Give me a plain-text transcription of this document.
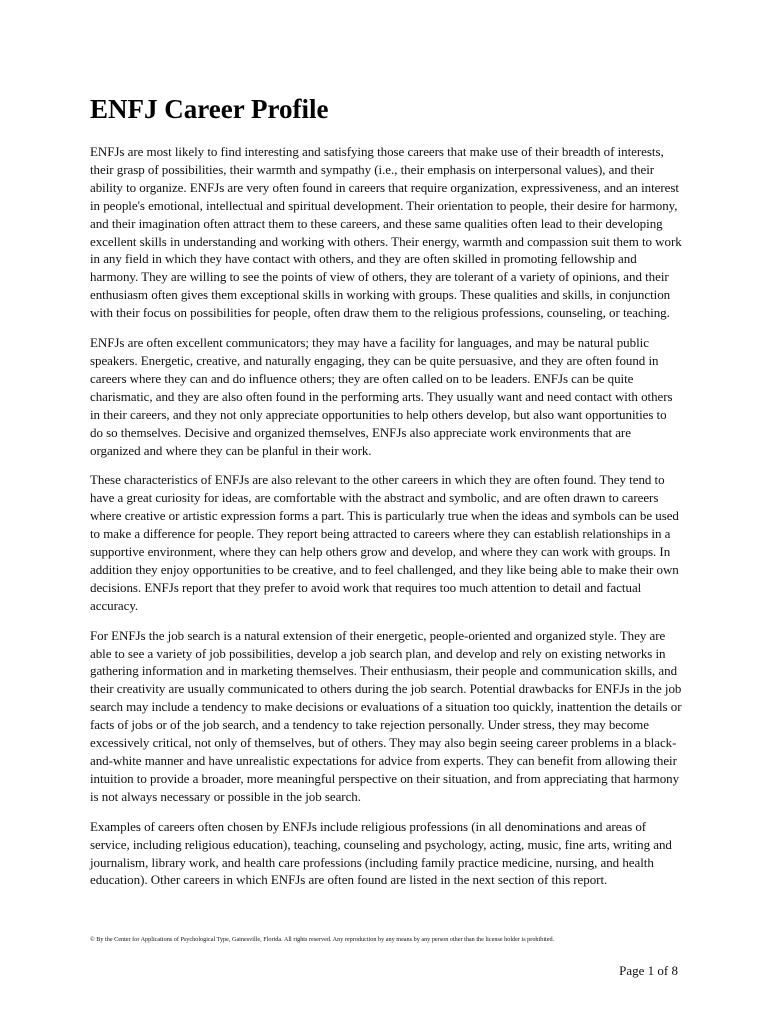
ENFJ Career Profile

ENFJs are most likely to find interesting and satisfying those careers that make use of their breadth of interests, their grasp of possibilities, their warmth and sympathy (i.e., their emphasis on interpersonal values), and their ability to organize. ENFJs are very often found in careers that require organization, expressiveness, and an interest in people's emotional, intellectual and spiritual development. Their orientation to people, their desire for harmony, and their imagination often attract them to these careers, and these same qualities often lead to their developing excellent skills in understanding and working with others. Their energy, warmth and compassion suit them to work in any field in which they have contact with others, and they are often skilled in promoting fellowship and harmony. They are willing to see the points of view of others, they are tolerant of a variety of opinions, and their enthusiasm often gives them exceptional skills in working with groups. These qualities and skills, in conjunction with their focus on possibilities for people, often draw them to the religious professions, counseling, or teaching.

ENFJs are often excellent communicators; they may have a facility for languages, and may be natural public speakers. Energetic, creative, and naturally engaging, they can be quite persuasive, and they are often found in careers where they can and do influence others; they are often called on to be leaders. ENFJs can be quite charismatic, and they are also often found in the performing arts. They usually want and need contact with others in their careers, and they not only appreciate opportunities to help others develop, but also want opportunities to do so themselves. Decisive and organized themselves, ENFJs also appreciate work environments that are organized and where they can be planful in their work.

These characteristics of ENFJs are also relevant to the other careers in which they are often found. They tend to have a great curiosity for ideas, are comfortable with the abstract and symbolic, and are often drawn to careers where creative or artistic expression forms a part. This is particularly true when the ideas and symbols can be used to make a difference for people. They report being attracted to careers where they can establish relationships in a supportive environment, where they can help others grow and develop, and where they can work with groups. In addition they enjoy opportunities to be creative, and to feel challenged, and they like being able to make their own decisions. ENFJs report that they prefer to avoid work that requires too much attention to detail and factual accuracy.

For ENFJs the job search is a natural extension of their energetic, people-oriented and organized style. They are able to see a variety of job possibilities, develop a job search plan, and develop and rely on existing networks in gathering information and in marketing themselves. Their enthusiasm, their people and communication skills, and their creativity are usually communicated to others during the job search. Potential drawbacks for ENFJs in the job search may include a tendency to make decisions or evaluations of a situation too quickly, inattention the details or facts of jobs or of the job search, and a tendency to take rejection personally. Under stress, they may become excessively critical, not only of themselves, but of others. They may also begin seeing career problems in a black-and-white manner and have unrealistic expectations for advice from experts. They can benefit from allowing their intuition to provide a broader, more meaningful perspective on their situation, and from appreciating that harmony is not always necessary or possible in the job search.

Examples of careers often chosen by ENFJs include religious professions (in all denominations and areas of service, including religious education), teaching, counseling and psychology, acting, music, fine arts, writing and journalism, library work, and health care professions (including family practice medicine, nursing, and health education). Other careers in which ENFJs are often found are listed in the next section of this report.

© By the Center for Applications of Psychological Type, Gainesville, Florida. All rights reserved. Any reproduction by any means by any person other than the license holder is prohibited.
Page 1 of 8
